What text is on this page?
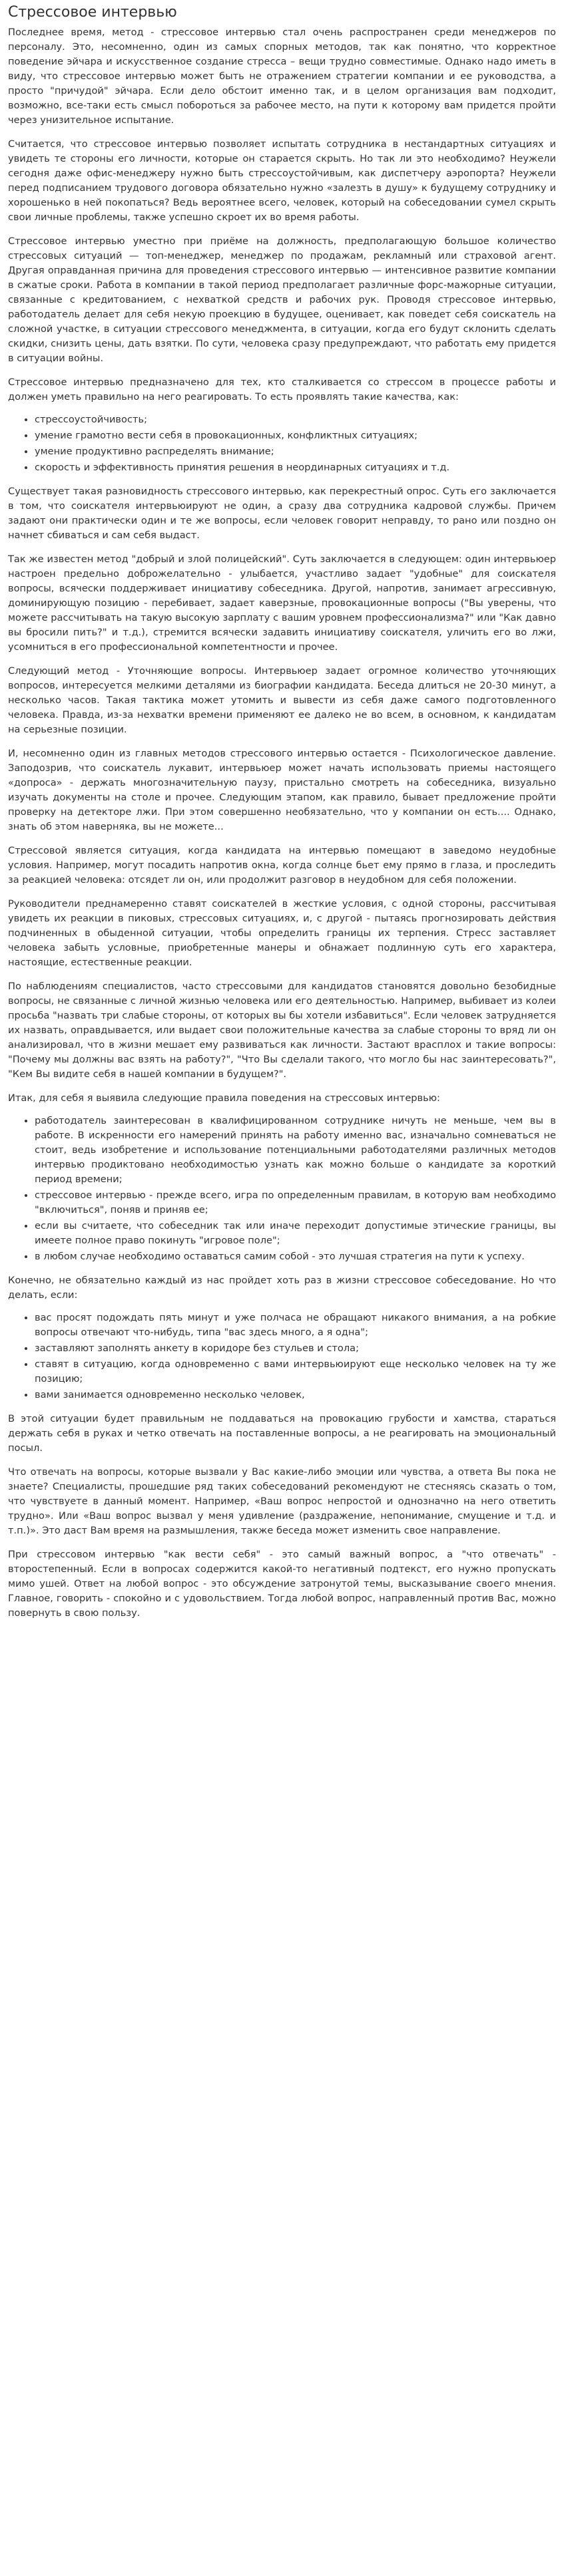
Стрессовое интервью

Последнее время, метод - стрессовое интервью стал очень распространен среди менеджеров по персоналу. Это, несомненно, один из самых спорных методов, так как понятно, что корректное поведение эйчара и искусственное создание стресса – вещи трудно совместимые. Однако надо иметь в виду, что стрессовое интервью может быть не отражением стратегии компании и ее руководства, а просто "причудой" эйчара. Если дело обстоит именно так, и в целом организация вам подходит, возможно, все-таки есть смысл побороться за рабочее место, на пути к которому вам придется пройти через унизительное испытание.

Считается, что стрессовое интервью позволяет испытать сотрудника в нестандартных ситуациях и увидеть те стороны его личности, которые он старается скрыть. Но так ли это необходимо? Неужели сегодня даже офис-менеджеру нужно быть стрессоустойчивым, как диспетчеру аэропорта? Неужели перед подписанием трудового договора обязательно нужно «залезть в душу» к будущему сотруднику и хорошенько в ней покопаться? Ведь вероятнее всего, человек, который на собеседовании сумел скрыть свои личные проблемы, также успешно скроет их во время работы.

Стрессовое интервью уместно при приёме на должность, предполагающую большое количество стрессовых ситуаций — топ-менеджер, менеджер по продажам, рекламный или страховой агент. Другая оправданная причина для проведения стрессового интервью — интенсивное развитие компании в сжатые сроки. Работа в компании в такой период предполагает различные форс-мажорные ситуации, связанные с кредитованием, с нехваткой средств и рабочих рук. Проводя стрессовое интервью, работодатель делает для себя некую проекцию в будущее, оценивает, как поведет себя соискатель на сложной участке, в ситуации стрессового менеджмента, в ситуации, когда его будут склонить сделать скидки, снизить цены, дать взятки. По сути, человека сразу предупреждают, что работать ему придется в ситуации войны.

Стрессовое интервью предназначено для тех, кто сталкивается со стрессом в процессе работы и должен уметь правильно на него реагировать. То есть проявлять такие качества, как:

• стрессоустойчивость;
• умение грамотно вести себя в провокационных, конфликтных ситуациях;
• умение продуктивно распределять внимание;
• скорость и эффективность принятия решения в неординарных ситуациях и т.д.

Существует такая разновидность стрессового интервью, как перекрестный опрос. Суть его заключается в том, что соискателя интервьюируют не один, а сразу два сотрудника кадровой службы. Причем задают они практически один и те же вопросы, если человек говорит неправду, то рано или поздно он начнет сбиваться и сам себя выдаст.

Так же известен метод "добрый и злой полицейский". Суть заключается в следующем: один интервьюер настроен предельно доброжелательно - улыбается, участливо задает "удобные" для соискателя вопросы, всячески поддерживает инициативу собеседника. Другой, напротив, занимает агрессивную, доминирующую позицию - перебивает, задает каверзные, провокационные вопросы ("Вы уверены, что можете рассчитывать на такую высокую зарплату с вашим уровнем профессионализма?" или "Как давно вы бросили пить?" и т.д.), стремится всячески задавить инициативу соискателя, уличить его во лжи, усомниться в его профессиональной компетентности и прочее.

Следующий метод - Уточняющие вопросы. Интервьюер задает огромное количество уточняющих вопросов, интересуется мелкими деталями из биографии кандидата. Беседа длиться не 20-30 минут, а несколько часов. Такая тактика может утомить и вывести из себя даже самого подготовленного человека. Правда, из-за нехватки времени применяют ее далеко не во всем, в основном, к кандидатам на серьезные позиции.

И, несомненно один из главных методов стрессового интервью остается - Психологическое давление. Заподозрив, что соискатель лукавит, интервьюер может начать использовать приемы настоящего «допроса» - держать многозначительную паузу, пристально смотреть на собеседника, визуально изучать документы на столе и прочее. Следующим этапом, как правило, бывает предложение пройти проверку на детекторе лжи. При этом совершенно необязательно, что у компании он есть.... Однако, знать об этом наверняка, вы не можете...

Стрессовой является ситуация, когда кандидата на интервью помещают в заведомо неудобные условия. Например, могут посадить напротив окна, когда солнце бьет ему прямо в глаза, и проследить за реакцией человека: отсядет ли он, или продолжит разговор в неудобном для себя положении.

Руководители преднамеренно ставят соискателей в жесткие условия, с одной стороны, рассчитывая увидеть их реакции в пиковых, стрессовых ситуациях, и, с другой - пытаясь прогнозировать действия подчиненных в обыденной ситуации, чтобы определить границы их терпения. Стресс заставляет человека забыть условные, приобретенные манеры и обнажает подлинную суть его характера, настоящие, естественные реакции.

По наблюдениям специалистов, часто стрессовыми для кандидатов становятся довольно безобидные вопросы, не связанные с личной жизнью человека или его деятельностью. Например, выбивает из колеи просьба "назвать три слабые стороны, от которых вы бы хотели избавиться". Если человек затрудняется их назвать, оправдывается, или выдает свои положительные качества за слабые стороны то вряд ли он анализировал, что в жизни мешает ему развиваться как личности. Застают врасплох и такие вопросы: "Почему мы должны вас взять на работу?", "Что Вы сделали такого, что могло бы нас заинтересовать?", "Кем Вы видите себя в нашей компании в будущем?".

Итак, для себя я выявила следующие правила поведения на стрессовых интервью:

• работодатель заинтересован в квалифицированном сотруднике ничуть не меньше, чем вы в работе. В искренности его намерений принять на работу именно вас, изначально сомневаться не стоит, ведь изобретение и использование потенциальными работодателями различных методов интервью продиктовано необходимостью узнать как можно больше о кандидате за короткий период времени;
• стрессовое интервью - прежде всего, игра по определенным правилам, в которую вам необходимо "включиться", поняв и приняв ее;
• если вы считаете, что собеседник так или иначе переходит допустимые этические границы, вы имеете полное право покинуть "игровое поле";
• в любом случае необходимо оставаться самим собой - это лучшая стратегия на пути к успеху.

Конечно, не обязательно каждый из нас пройдет хоть раз в жизни стрессовое собеседование. Но что делать, если:

• вас просят подождать пять минут и уже полчаса не обращают никакого внимания, а на робкие вопросы отвечают что-нибудь, типа "вас здесь много, а я одна";
• заставляют заполнять анкету в коридоре без стульев и стола;
• ставят в ситуацию, когда одновременно с вами интервьюируют еще несколько человек на ту же позицию;
• вами занимается одновременно несколько человек,

В этой ситуации будет правильным не поддаваться на провокацию грубости и хамства, стараться держать себя в руках и четко отвечать на поставленные вопросы, а не реагировать на эмоциональный посыл.

Что отвечать на вопросы, которые вызвали у Вас какие-либо эмоции или чувства, а ответа Вы пока не знаете? Специалисты, прошедшие ряд таких собеседований рекомендуют не стесняясь сказать о том, что чувствуете в данный момент. Например, «Ваш вопрос непростой и однозначно на него ответить трудно». Или «Ваш вопрос вызвал у меня удивление (раздражение, непонимание, смущение и т.д. и т.п.)». Это даст Вам время на размышления, также беседа может изменить свое направление.

При стрессовом интервью "как вести себя" - это самый важный вопрос, а "что отвечать" - второстепенный. Если в вопросах содержится какой-то негативный подтекст, его нужно пропускать мимо ушей. Ответ на любой вопрос - это обсуждение затронутой темы, высказывание своего мнения. Главное, говорить - спокойно и с удовольствием. Тогда любой вопрос, направленный против Вас, можно повернуть в свою пользу.
